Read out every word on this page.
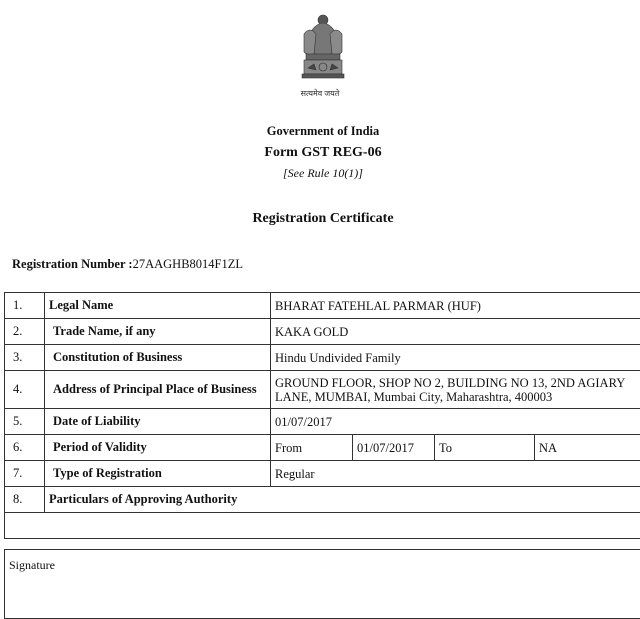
सत्यमेव जयते
Government of India
Form GST REG-06
[See Rule 10(1)]
Registration Certificate
Registration Number :27AAGHB8014F1ZL
1.	Legal Name	BHARAT FATEHLAL PARMAR (HUF)			
2.	Trade Name, if any	KAKA GOLD			
3.	Constitution of Business	Hindu Undivided Family			
4.	Address of Principal Place of Business	GROUND FLOOR, SHOP NO 2, BUILDING NO 13, 2ND AGIARY LANE, MUMBAI, Mumbai City, Maharashtra, 400003			
5.	Date of Liability	01/07/2017			
6.	Period of Validity	From	01/07/2017	To	NA
7.	Type of Registration	Regular			
8.	Particulars of Approving Authority				

Signature
